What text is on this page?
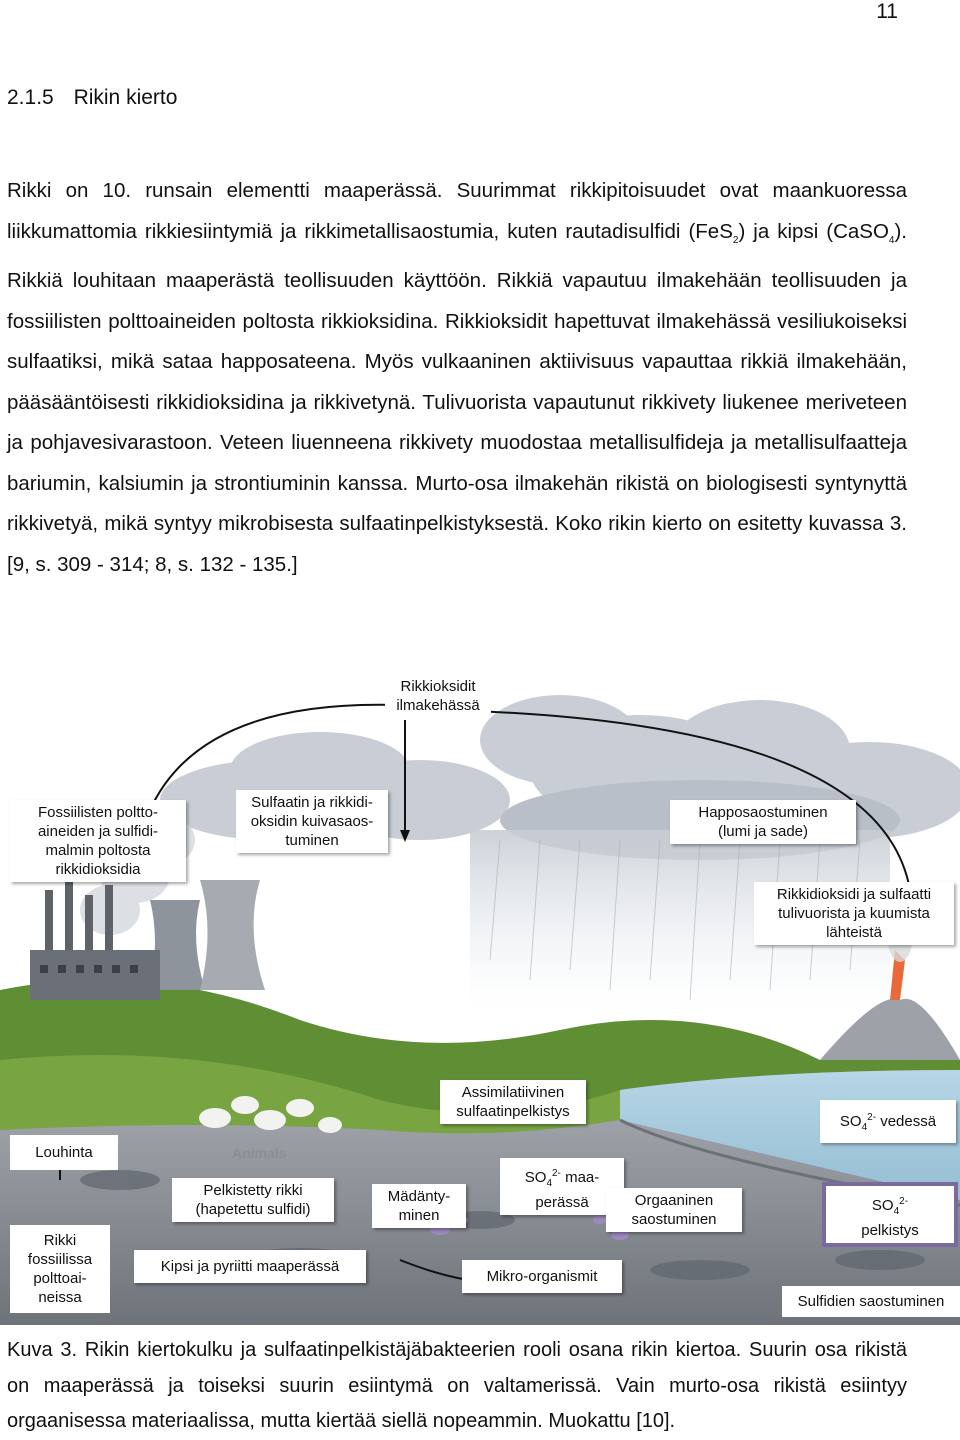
11
2.1.5 Rikin kierto

Rikki on 10. runsain elementti maaperässä. Suurimmat rikkipitoisuudet ovat maankuoressa liikkumattomia rikkiesiintymiä ja rikkimetallisaostumia, kuten rautadisulfidi (FeS$_2$) ja kipsi (CaSO$_4$). Rikkiä louhitaan maaperästä teollisuuden käyttöön. Rikkiä vapautuu ilmakehään teollisuuden ja fossiilisten polttoaineiden poltosta rikkioksidina. Rikkioksidit hapettuvat ilmakehässä vesiliukoiseksi sulfaatiksi, mikä sataa happosateena. Myös vulkaaninen aktiivisuus vapauttaa rikkiä ilmakehään, pääsääntöisesti rikkidioksidina ja rikkivetynä. Tulivuorista vapautunut rikkivety liukenee meriveteen ja pohjavesivarastoon. Veteen liuenneena rikkivety muodostaa metallisulfideja ja metallisulfaatteja bariumin, kalsiumin ja strontiuminin kanssa. Murto-osa ilmakehän rikistä on biologisesti syntynyttä rikkivetyä, mikä syntyy mikrobisesta sulfaatinpelkistyksestä. Koko rikin kierto on esitetty kuvassa 3. [9, s. 309 - 314; 8, s. 132 - 135.]

Animals
Rikkioksidit
ilmakehässä
Fossiilisten poltto-
aineiden ja sulfidi-
malmin poltosta
rikkidioksidia
Sulfaatin ja rikkidi-
oksidin kuivasaos-
tuminen
Happosaostuminen
(lumi ja sade)
Rikkidioksidi ja sulfaatti
tulivuorista ja kuumista
lähteistä
Assimilatiivinen
sulfaatinpelkistys
$SO_4^{2-}$ vedessä
Louhinta
Pelkistetty rikki
(hapetettu sulfidi)
Mädänty-
minen
$SO_4^{2-}$ maa-
perässä	Orgaaninen
saostuminen
$SO_4^{2-}$
pelkistys
Rikki
fossiilissa
polttoai-
neissa
Kipsi ja pyriitti maaperässä
Mikro-organismit
Sulfidien saostuminen
Kuva 3. Rikin kiertokulku ja sulfaatinpelkistäjäbakteerien rooli osana rikin kiertoa. Suurin osa rikistä on maaperässä ja toiseksi suurin esiintymä on valtamerissä. Vain murto-osa rikistä esiintyy orgaanisessa materiaalissa, mutta kiertää siellä nopeammin. Muokattu [10].
